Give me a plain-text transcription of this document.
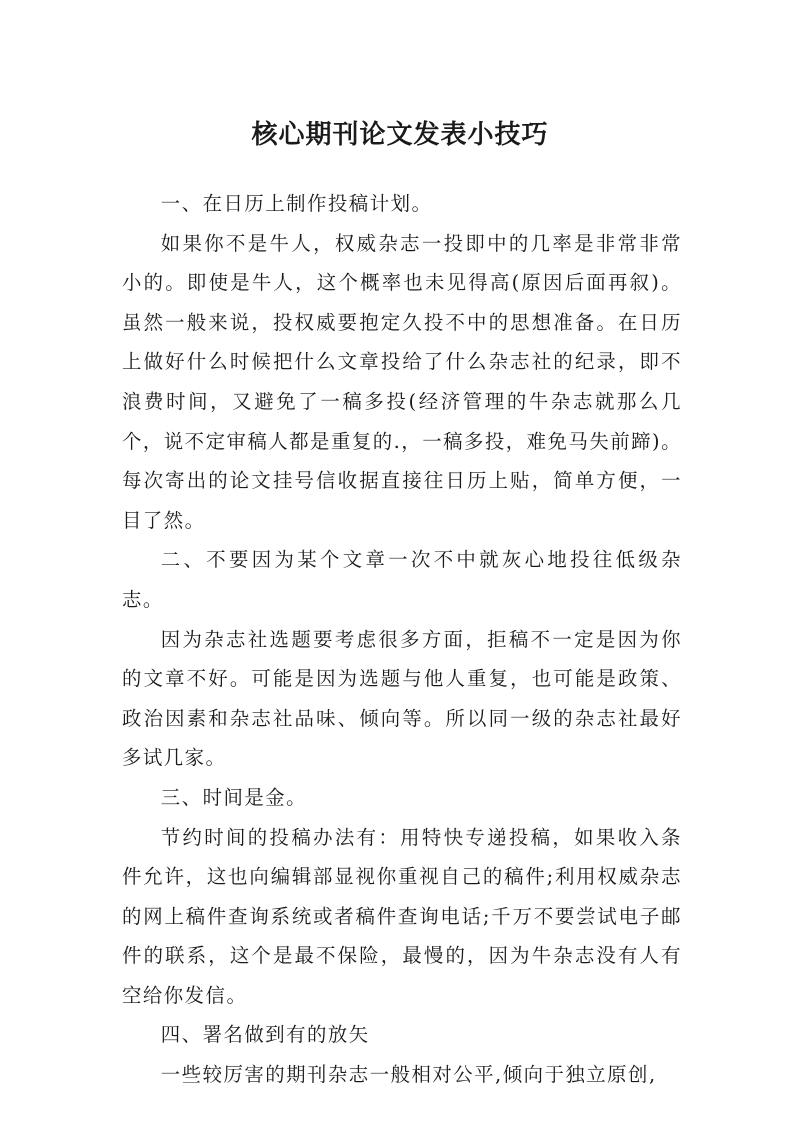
核心期刊论文发表小技巧

一、在日历上制作投稿计划。

如果你不是牛人，权威杂志一投即中的几率是非常非常小的。即使是牛人，这个概率也未见得高(原因后面再叙)。虽然一般来说，投权威要抱定久投不中的思想准备。在日历上做好什么时候把什么文章投给了什么杂志社的纪录，即不浪费时间，又避免了一稿多投(经济管理的牛杂志就那么几个，说不定审稿人都是重复的.，一稿多投，难免马失前蹄)。每次寄出的论文挂号信收据直接往日历上贴，简单方便，一目了然。

二、不要因为某个文章一次不中就灰心地投往低级杂志。

因为杂志社选题要考虑很多方面，拒稿不一定是因为你的文章不好。可能是因为选题与他人重复，也可能是政策、政治因素和杂志社品味、倾向等。所以同一级的杂志社最好多试几家。

三、时间是金。

节约时间的投稿办法有：用特快专递投稿，如果收入条件允许，这也向编辑部显视你重视自己的稿件;利用权威杂志的网上稿件查询系统或者稿件查询电话;千万不要尝试电子邮件的联系，这个是最不保险，最慢的，因为牛杂志没有人有空给你发信。

四、署名做到有的放矢

一些较厉害的期刊杂志一般相对公平,倾向于独立原创,
